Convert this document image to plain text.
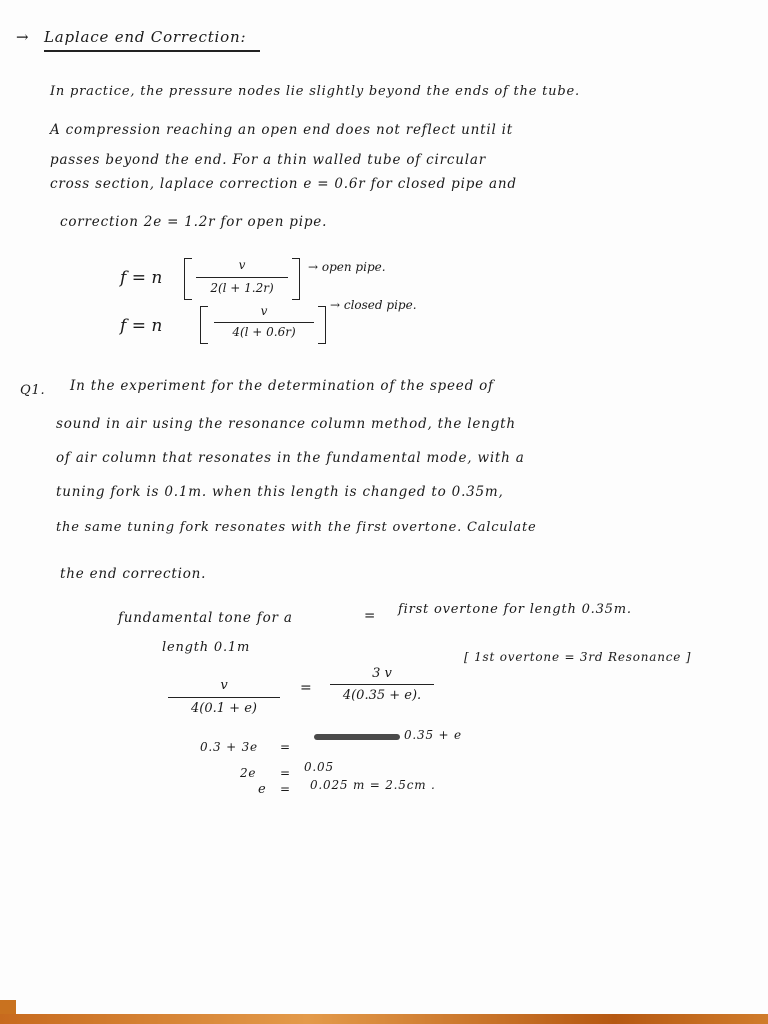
→ Laplace end Correction:
In practice, the pressure nodes lie slightly beyond the ends of the tube.
A compression reaching an open end does not reflect until it
passes beyond the end. For a thin walled tube of circular
cross section, laplace correction e = 0.6r for closed pipe and
correction 2e = 1.2r for open pipe.
f = n
v
2(l + 1.2r)
→ open pipe.
f = n
v
4(l + 0.6r)
→ closed pipe.
Q1. In the experiment for the determination of the speed of
sound in air using the resonance column method, the length
of air column that resonates in the fundamental mode, with a
tuning fork is 0.1m. when this length is changed to 0.35m,
the same tuning fork resonates with the first overtone. Calculate
the end correction.
fundamental tone for a	= first overtone for length 0.35m.
length 0.1m
[ 1st overtone = 3rd Resonance ]
v
4(0.1 + e)
=
3 v
4(0.35 + e).
0.3 + 3e =
0.35 + e
2e = 0.05
e = 0.025 m = 2.5cm .
